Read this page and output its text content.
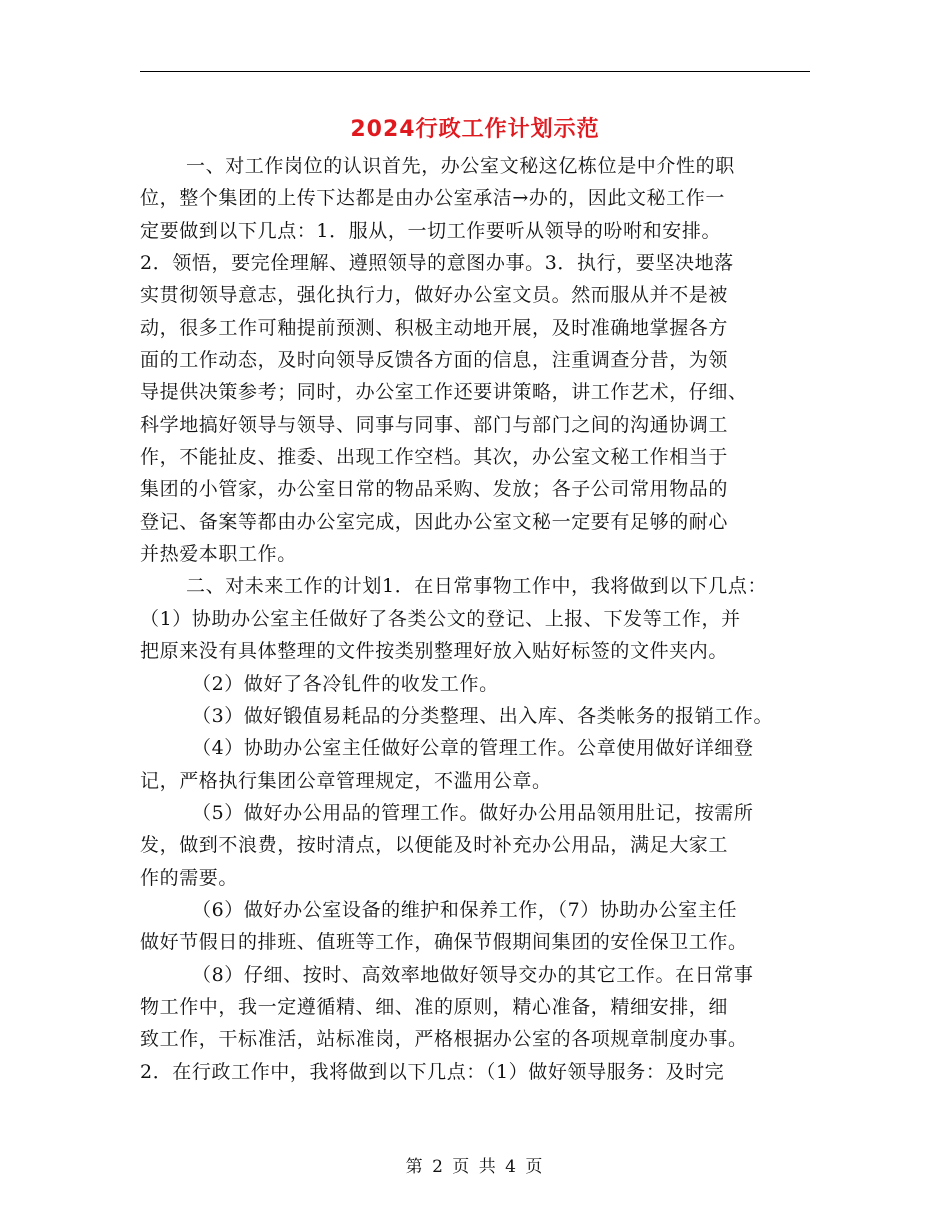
2024行政工作计划示范
一、对工作岗位的认识首先，办公室文秘这亿栋位是中介性的职
位，整个集团的上传下达都是由办公室承洁→办的，因此文秘工作一
定要做到以下几点：1．服从，一切工作要听从领导的吩咐和安排。
2．领悟，要完佺理解、遵照领导的意图办事。3．执行，要坚决地落
实贯彻领导意志，强化执行力，做好办公室文员。然而服从并不是被
动，很多工作可釉提前预测、积极主动地开展，及时准确地掌握各方
面的工作动态，及时向领导反馈各方面的信息，注重调查分昔，为领
导提供决策参考；同时，办公室工作还要讲策略，讲工作艺术，仔细、
科学地搞好领导与领导、同事与同事、部门与部门之间的沟通协调工
作，不能扯皮、推委、出现工作空档。其次，办公室文秘工作相当于
集团的小管家，办公室日常的物品采购、发放；各子公司常用物品的
登记、备案等都由办公室完成，因此办公室文秘一定要有足够的耐心
并热爱本职工作。
二、对未来工作的计划1．在日常事物工作中，我将做到以下几点：
（1）协助办公室主任做好了各类公文的登记、上报、下发等工作，并
把原来没有具体整理的文件按类别整理好放入贴好标签的文件夹内。
（2）做好了各冷钆件的收发工作。
（3）做好锻值易耗品的分类整理、出入库、各类帐务的报销工作。
（4）协助办公室主任做好公章的管理工作。公章使用做好详细登
记，严格执行集团公章管理规定，不滥用公章。
（5）做好办公用品的管理工作。做好办公用品领用肚记，按需所
发，做到不浪费，按时清点，以便能及时补充办公用品，满足大家工
作的需要。
（6）做好办公室设备的维护和保养工作，（7）协助办公室主任
做好节假日的排班、值班等工作，确保节假期间集团的安佺保卫工作。
（8）仔细、按时、高效率地做好领导交办的其它工作。在日常事
物工作中，我一定遵循精、细、准的原则，精心准备，精细安排，细
致工作，干标准活，站标准岗，严格根据办公室的各项规章制度办事。
2．在行政工作中，我将做到以下几点：（1）做好领导服务：及时完
第 2 页 共 4 页
